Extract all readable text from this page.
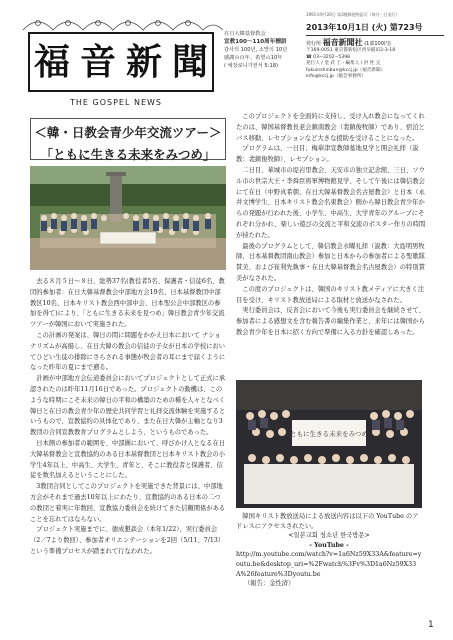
福 音 新 聞
THE GOSPEL NEWS
在日大韓基督教会
宣教100〜110周年標語
감사의 100년, 소망의 10년
感謝の百年、希望の10年
( 예장로니가전서 5:18)
1991年9月20日 第3種郵便物認可（毎月一日発行）
2013年10月1日 (火) 第723号
発行所 福音新聞社 (1部100円)
〒169-0051 東京都新宿区西早稲田2-3-18
☎ 03−3202−5398
発行人 / 金 武 士・編集人 / 洪 性 完
fukuinshinbun@kccj.jp（福音新聞）
info@kccj.jp（総会事務所）
＜韓・日教会青少年交流ツアー＞
「ともに生きる未来をみつめ」

去る８月５日〜８日、総勢37名(教役者5名、保護者・信徒6名、教団的参加者：在日大韓基督教会中部地方会19名、日本基督教団中部教区10名、日本キリスト教会西中部中会、日本聖公会中部教区の参加を得て)により、「ともに生きる未来を見つめ」韓日教会青少年交流ツアーが韓国において実施された。

この計画の発案は、韓日の間に問題をかかえ日本において ナショナリズムが高揚し、在日大韓の教会の信徒の子女が日本の学校においてひどい生徒の排除にさらされる事態が牧会者の耳にまで届くようになった昨年の夏にまで遡る。

計画が中部地方会伝道委員会においてプロジェクトとして正式に承認されたのは昨年11月16日であった。プロジェクトの動機は、このような時期にこそ未来の韓日の平和の構築のための種を人々となべく韓日と在日の教会青少年の歴史共同学習と礼拝交流体験を実施するというもので、宣教協約の具体化であり、また在日大韓が主軸となり3教団の合同宣教教育プログラムとしよう、というものであった。

日本側の参加者の範囲を、中部圏において、呼びかけ人となる在日大韓基督教会と宣教協約のある日本基督教団と日本キリスト教会の小学生4年以上、中高生、大学生、青年と、そこに教役者と保護者、信徒を数名加えるということにした。

3教団合同としてこのプロジェクトを実施できた背景には、中部地方会がそれまで過去10年以上にわたり、宣教協約のある日本の二つの教団と着実に年数回、宣教協力委員会を続けてきた信頼関係があることを忘れてはならない。

プロジェクト実施までに、徳成懇談会（本年1/22）、実行委員会（2／7より数回）、参加者オリエンテーションを2回（5/11、7/13）という準備プロセスが踏まれて行なわれた。

このプロジェクトを全面的に支持し、受け入れ教会になってくれたのは、韓国基督教長老会鎮南教会（裴鎮俊牧師）であり、宿泊とバス移動、レセプションなど大きな援助を受けることになった。

プログラムは、一日目、梅華津宣教師墓地見学と開会礼拝（説教：裴鎮俊牧師）、レセプション。

二日目、華城市の堤岩里教会、天安市の独立記念館、三日、ソウル市の世宗大王・李舜臣将軍博物館見学、そして午後には韓信教会にて在日（中野真希朝、在日大韓基督教会名古屋教会）と日本（永井文博学生、日本キリスト教会名東教会）側から韓日教会青少年からの発題が行われた後、小学生、中高生、大学青年のグループにそれぞれ分かれ、楽しい遊びの交流と平和交流のポスター作りの時間が持たれた。

最後のプログラムとして、韓信教会水曜礼拝（説教：大島明男牧師、日本基督教団南山教会）参加と日本からの参加者による聖歌隊賛美、および崔利先執事・在日大韓基督教会名古屋教会）の特別賛美がなされた。

この度のプロジェクトは、韓国のキリスト教メディアに大きく注目を受け、キリスト教放送局による取材と放送がなされた。

実行委員会は、反省会において今後も実行委員会を継続させて、参加者による感想文を含む報告書の編集作業と、来年には韓国から教会青少年を日本に招く方向で準備に入る方針を確認しあった。

ともに生きる未来をみつめ
韓国キリスト教放送局による放送内容は以下の YouTube のアドレスにアクセスされたい。
<일본교회 청소년 한국방문>
- YouTube -
http://m.youtube.com/watch?v=1a6Nz59X33A&feature=youtu.be&desktop_uri=%2Fwatch%3Fv%3D1a6Nz59X33A%26feature%3Dyoutu.be
（報告：金性済）
1
